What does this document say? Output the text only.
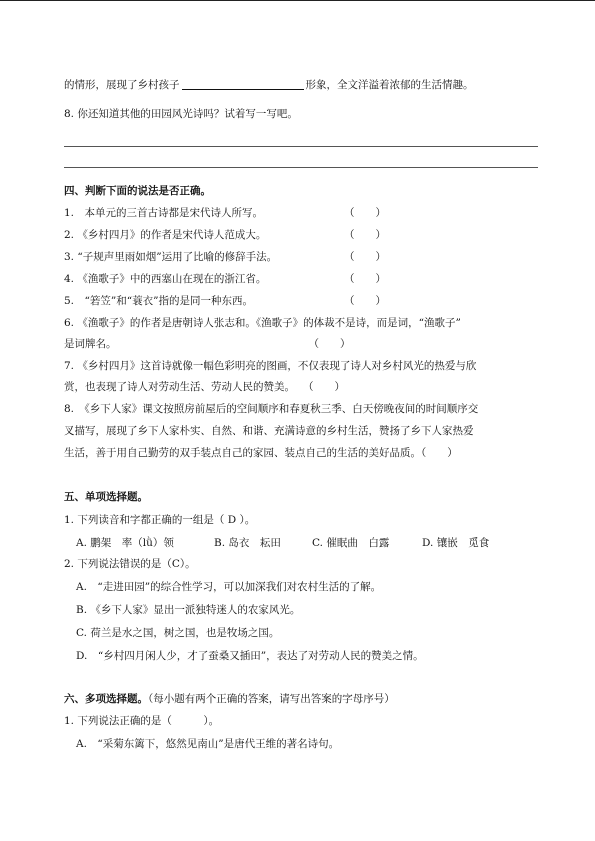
的情形，展现了乡村孩子	形象，全文洋溢着浓郁的生活情趣。
8. 你还知道其他的田园风光诗吗？试着写一写吧。
四、判断下面的说法是否正确。
1.　本单元的三首古诗都是宋代诗人所写。	（　　）
2. 《乡村四月》的作者是宋代诗人范成大。	（　　）
3. “子规声里雨如烟”运用了比喻的修辞手法。	（　　）
4. 《渔歌子》中的西塞山在现在的浙江省。	（　　）
5.　“箬笠”和“蓑衣”指的是同一种东西。	（　　）
6. 《渔歌子》的作者是唐朝诗人张志和。《渔歌子》的体裁不是诗，而是词，“渔歌子”
是词牌名。	（　　）
7. 《乡村四月》这首诗就像一幅色彩明亮的图画，不仅表现了诗人对乡村风光的热爱与欣
赏，也表现了诗人对劳动生活、劳动人民的赞美。 （　　）
8.　《乡下人家》课文按照房前屋后的空间顺序和春夏秋三季、白天傍晚夜间的时间顺序交
叉描写，展现了乡下人家朴实、自然、和谐、充满诗意的乡村生活，赞扬了乡下人家热爱
生活，善于用自己勤劳的双手装点自己的家园、装点自己的生活的美好品质。（　　）
五、单项选择题。
1. 下列读音和字都正确的一组是（ D ）。
A. 鹏架　率（lǜ）领	B. 岛衣　耘田	C. 催眠曲　白露	D. 镶嵌　觅食
2. 下列说法错误的是（C）。
A.　“走进田园”的综合性学习，可以加深我们对农村生活的了解。
B. 《乡下人家》显出一派独特迷人的农家风光。
C. 荷兰是水之国，树之国，也是牧场之国。
D.　“乡村四月闲人少，才了蚕桑又插田”，表达了对劳动人民的赞美之情。
六、多项选择题。（每小题有两个正确的答案，请写出答案的字母序号）
1. 下列说法正确的是（　　　）。
A.　“采菊东篱下，悠然见南山”是唐代王维的著名诗句。
